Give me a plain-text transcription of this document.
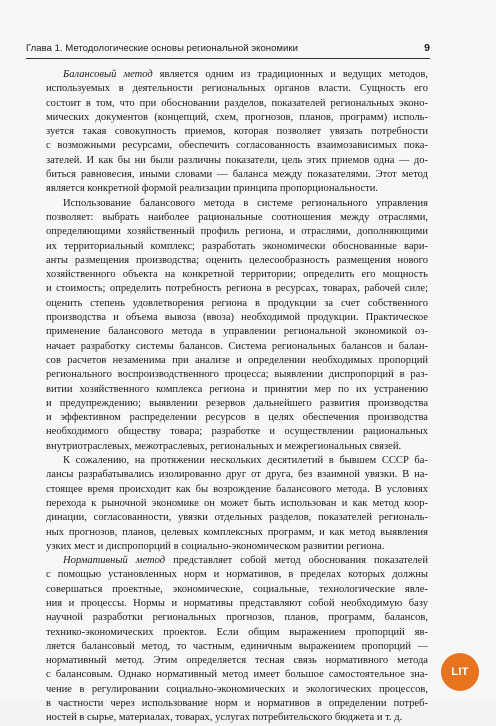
Глава 1. Методологические основы региональной экономики	9
Балансовый метод является одним из традиционных и ведущих методов,
используемых в деятельности региональных органов власти. Сущность его
состоит в том, что при обосновании разделов, показателей региональных эконо-
мических документов (концепций, схем, прогнозов, планов, программ) исполь-
зуется такая совокупность приемов, которая позволяет увязать потребности
с возможными ресурсами, обеспечить согласованность взаимозависимых пока-
зателей. И как бы ни были различны показатели, цель этих приемов одна — до-
биться равновесия, иными словами — баланса между показателями. Этот метод
является конкретной формой реализации принципа пропорциональности.
Использование балансового метода в системе регионального управления
позволяет: выбрать наиболее рациональные соотношения между отраслями,
определяющими хозяйственный профиль региона, и отраслями, дополняющими
их территориальный комплекс; разработать экономически обоснованные вари-
анты размещения производства; оценить целесообразность размещения нового
хозяйственного объекта на конкретной территории; определить его мощность
и стоимость; определить потребность региона в ресурсах, товарах, рабочей силе;
оценить степень удовлетворения региона в продукции за счет собственного
производства и объема вывоза (ввоза) необходимой продукции. Практическое
применение балансового метода в управлении региональной экономикой оз-
начает разработку системы балансов. Система региональных балансов и балан-
сов расчетов незаменима при анализе и определении необходимых пропорций
регионального воспроизводственного процесса; выявлении диспропорций в раз-
витии хозяйственного комплекса региона и принятии мер по их устранению
и предупреждению; выявлении резервов дальнейшего развития производства
и эффективном распределении ресурсов в целях обеспечения производства
необходимого обществу товара; разработке и осуществлении рациональных
внутриотраслевых, межотраслевых, региональных и межрегиональных связей.
К сожалению, на протяжении нескольких десятилетий в бывшем СССР ба-
лансы разрабатывались изолированно друг от друга, без взаимной увязки. В на-
стоящее время происходит как бы возрождение балансового метода. В условиях
перехода к рыночной экономике он может быть использован и как метод коор-
динации, согласованности, увязки отдельных разделов, показателей региональ-
ных прогнозов, планов, целевых комплексных программ, и как метод выявления
узких мест и диспропорций в социально-экономическом развитии региона.
Нормативный метод представляет собой метод обоснования показателей
с помощью установленных норм и нормативов, в пределах которых должны
совершаться проектные, экономические, социальные, технологические явле-
ния и процессы. Нормы и нормативы представляют собой необходимую базу
научной разработки региональных прогнозов, планов, программ, балансов,
технико-экономических проектов. Если общим выражением пропорций яв-
ляется балансовый метод, то частным, единичным выражением пропорций —
нормативный метод. Этим определяется тесная связь нормативного метода
с балансовым. Однако нормативный метод имеет большое самостоятельное зна-
чение в регулировании социально-экономических и экологических процессов,
в частности через использование норм и нормативов в определении потреб-
ностей в сырье, материалах, товарах, услугах потребительского бюджета и т. д.
LIT
